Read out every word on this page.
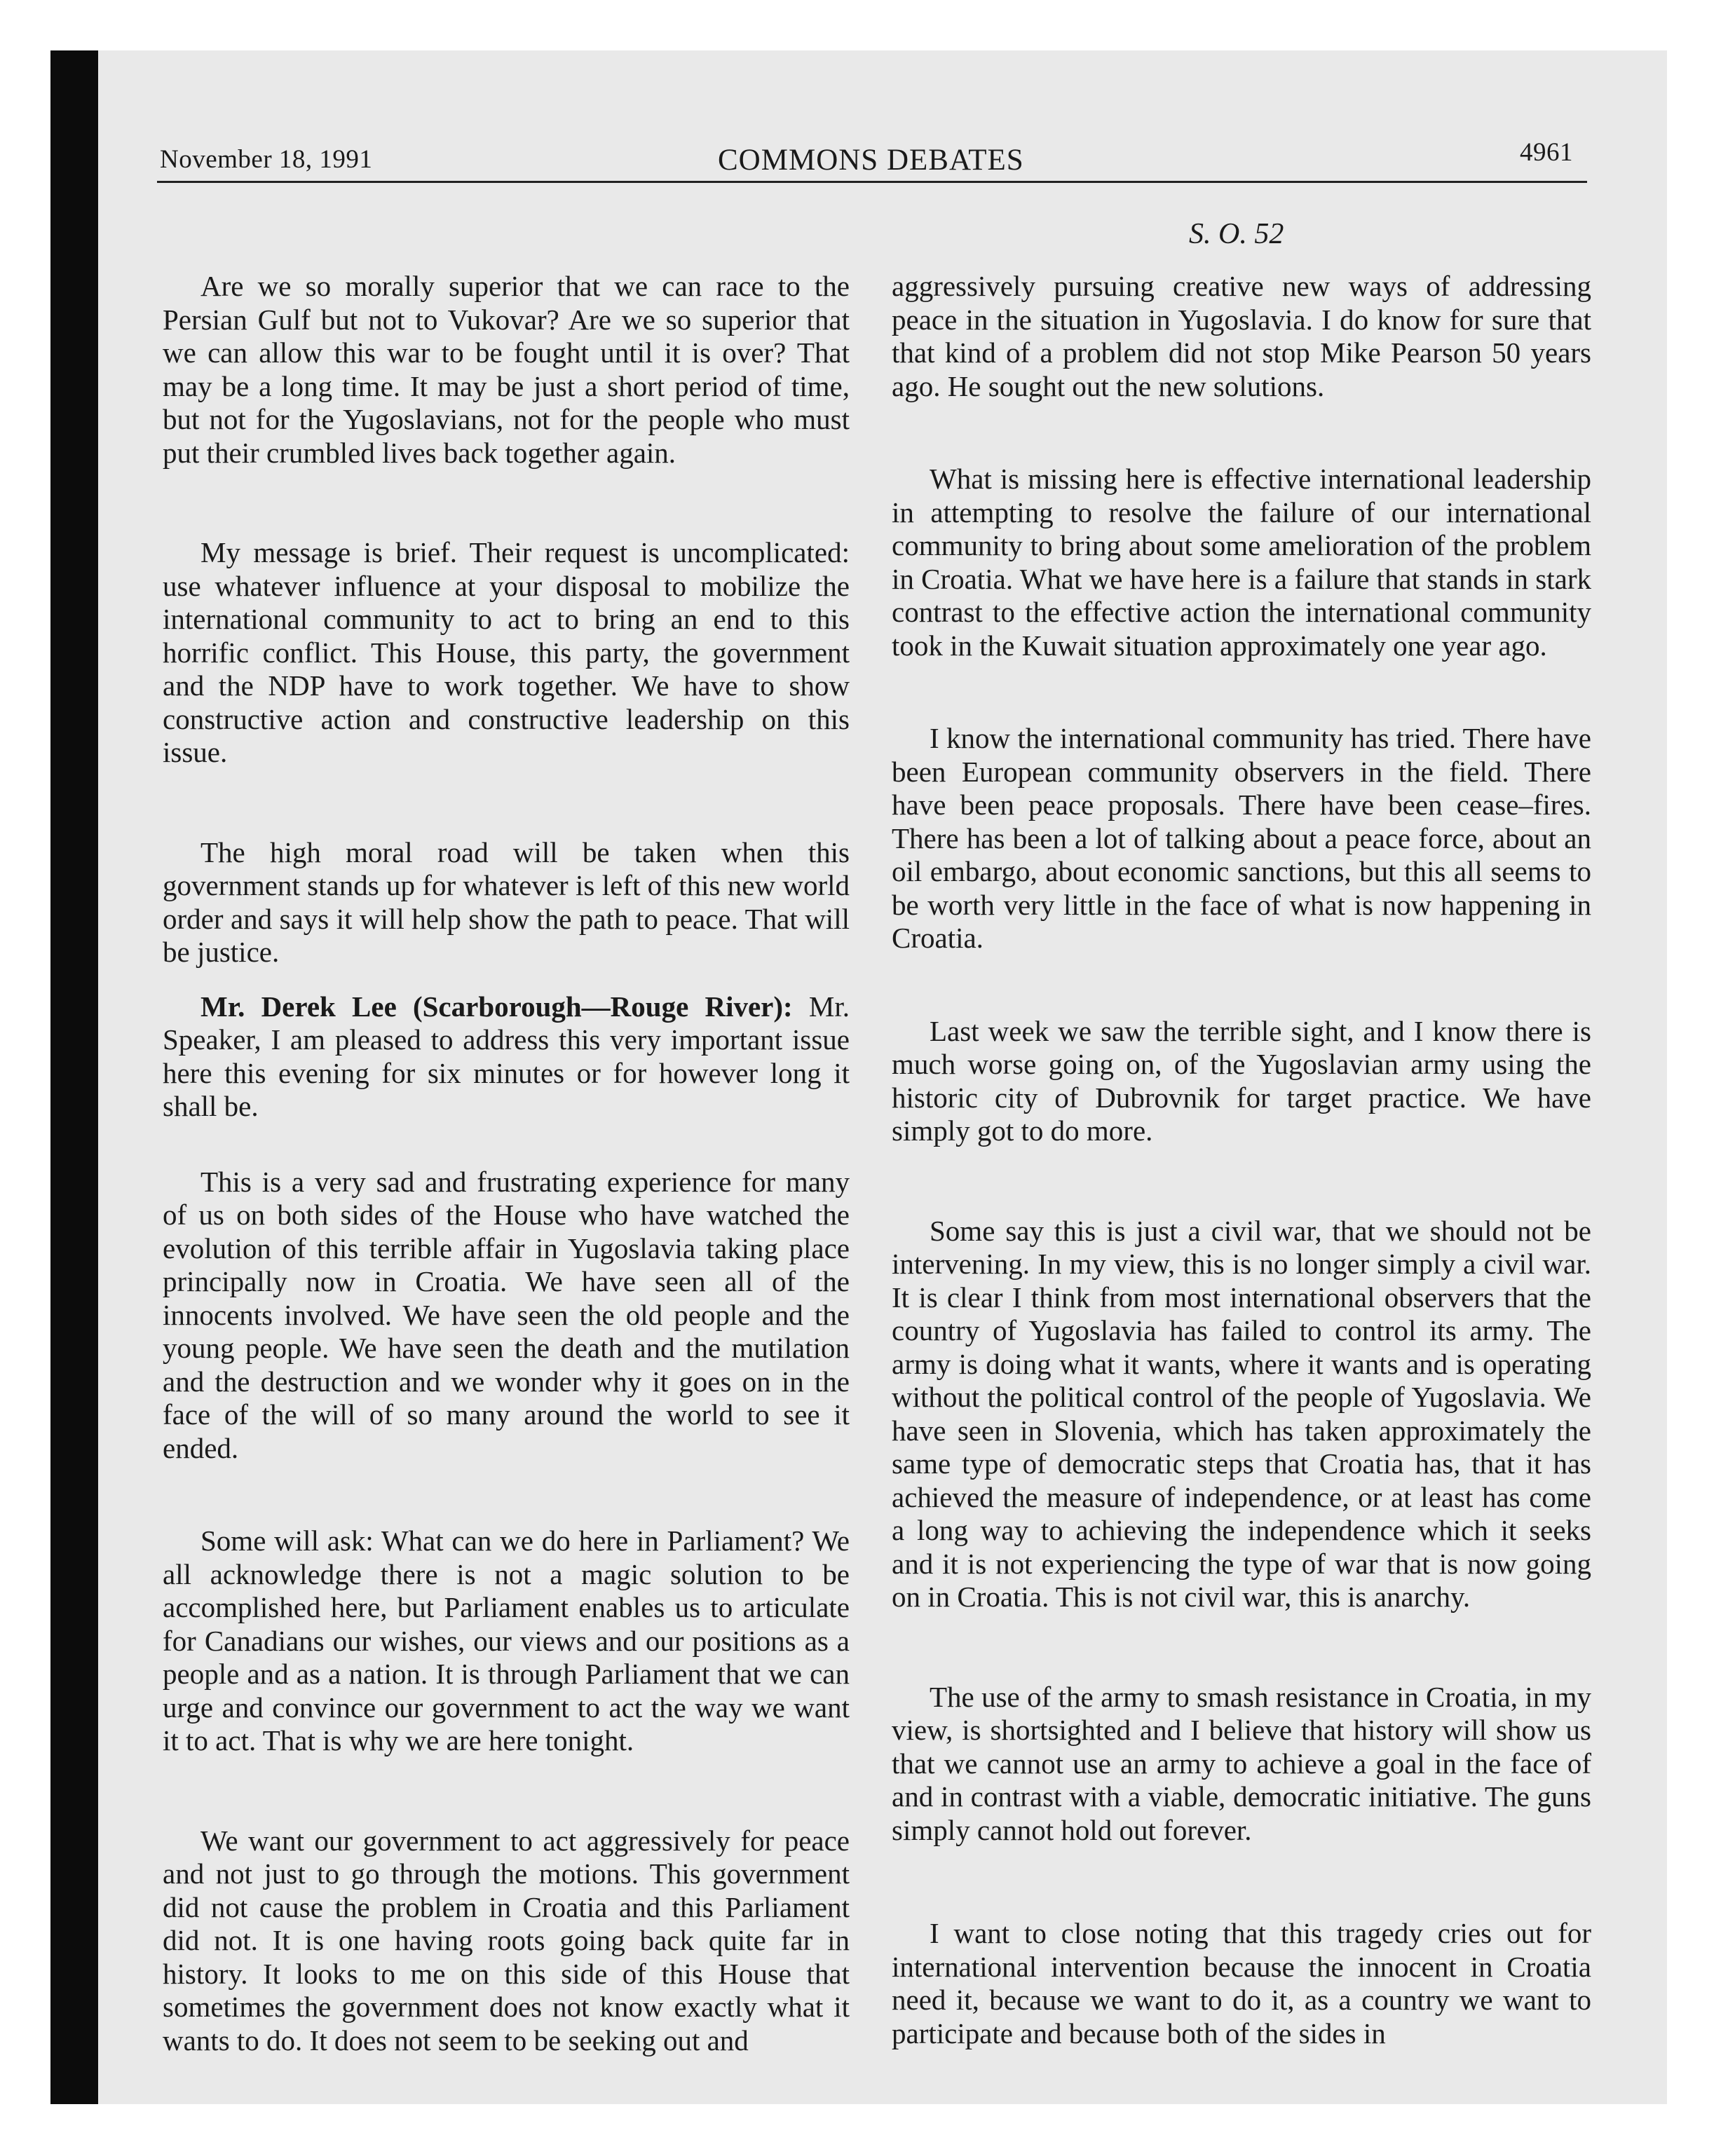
November 18, 1991	COMMONS DEBATES	4961
S. O. 52

Are we so morally superior that we can race to the Persian Gulf but not to Vukovar? Are we so superior that we can allow this war to be fought until it is over? That may be a long time. It may be just a short period of time, but not for the Yugoslavians, not for the people who must put their crumbled lives back together again.

My message is brief. Their request is uncomplicated: use whatever influence at your disposal to mobilize the international community to act to bring an end to this horrific conflict. This House, this party, the government and the NDP have to work together. We have to show constructive action and constructive leadership on this issue.

The high moral road will be taken when this government stands up for whatever is left of this new world order and says it will help show the path to peace. That will be justice.

Mr. Derek Lee (Scarborough—Rouge River): Mr. Speaker, I am pleased to address this very important issue here this evening for six minutes or for however long it shall be.

This is a very sad and frustrating experience for many of us on both sides of the House who have watched the evolution of this terrible affair in Yugoslavia taking place principally now in Croatia. We have seen all of the innocents involved. We have seen the old people and the young people. We have seen the death and the mutilation and the destruction and we wonder why it goes on in the face of the will of so many around the world to see it ended.

Some will ask: What can we do here in Parliament? We all acknowledge there is not a magic solution to be accomplished here, but Parliament enables us to articulate for Canadians our wishes, our views and our positions as a people and as a nation. It is through Parliament that we can urge and convince our government to act the way we want it to act. That is why we are here tonight.

We want our government to act aggressively for peace and not just to go through the motions. This government did not cause the problem in Croatia and this Parliament did not. It is one having roots going back quite far in history. It looks to me on this side of this House that sometimes the government does not know exactly what it wants to do. It does not seem to be seeking out and

aggressively pursuing creative new ways of addressing peace in the situation in Yugoslavia. I do know for sure that that kind of a problem did not stop Mike Pearson 50 years ago. He sought out the new solutions.

What is missing here is effective international leadership in attempting to resolve the failure of our international community to bring about some amelioration of the problem in Croatia. What we have here is a failure that stands in stark contrast to the effective action the international community took in the Kuwait situation approximately one year ago.

I know the international community has tried. There have been European community observers in the field. There have been peace proposals. There have been cease–fires. There has been a lot of talking about a peace force, about an oil embargo, about economic sanctions, but this all seems to be worth very little in the face of what is now happening in Croatia.

Last week we saw the terrible sight, and I know there is much worse going on, of the Yugoslavian army using the historic city of Dubrovnik for target practice. We have simply got to do more.

Some say this is just a civil war, that we should not be intervening. In my view, this is no longer simply a civil war. It is clear I think from most international observers that the country of Yugoslavia has failed to control its army. The army is doing what it wants, where it wants and is operating without the political control of the people of Yugoslavia. We have seen in Slovenia, which has taken approximately the same type of democratic steps that Croatia has, that it has achieved the measure of independence, or at least has come a long way to achieving the independence which it seeks and it is not experiencing the type of war that is now going on in Croatia. This is not civil war, this is anarchy.

The use of the army to smash resistance in Croatia, in my view, is shortsighted and I believe that history will show us that we cannot use an army to achieve a goal in the face of and in contrast with a viable, democratic initiative. The guns simply cannot hold out forever.

I want to close noting that this tragedy cries out for international intervention because the innocent in Croatia need it, because we want to do it, as a country we want to participate and because both of the sides in
